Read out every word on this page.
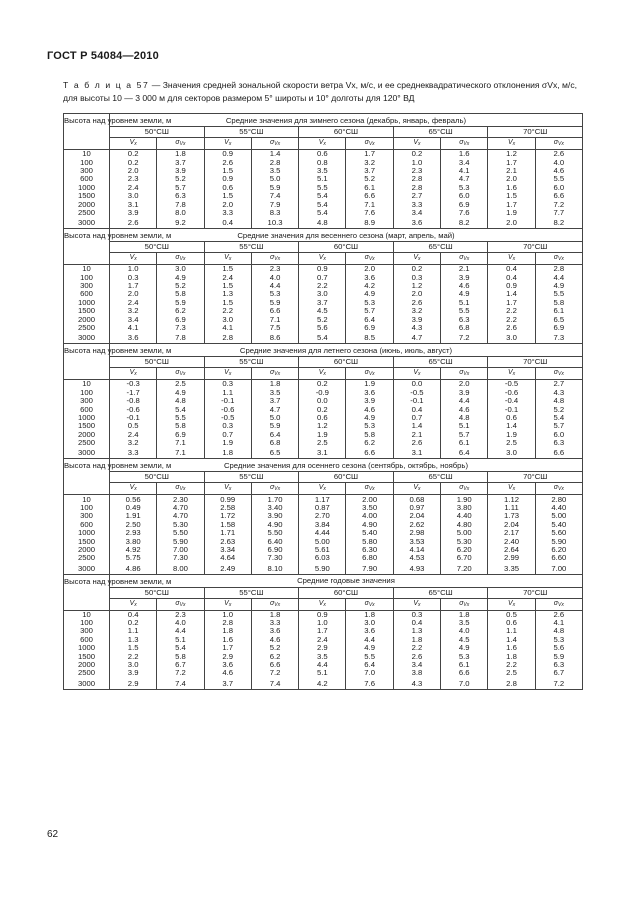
ГОСТ Р 54084—2010
Т а б л и ц а 57 — Значения средней зональной скорости ветра Vx, м/с, и ее среднеквадратического отклонения σVx, м/с, для высоты 10 — 3 000 м для секторов размером 5° широты и 10° долготы для 120° ВД
Высота над уровнем земли, м	Средние значения для зимнего сезона (декабрь, январь, февраль)									
	50°СШ		55°СШ		60°СШ		65°СШ		70°СШ	
	$V_x$	$\sigma_{Vx}$	$V_x$	$\sigma_{Vx}$	$V_x$	$\sigma_{Vx}$	$V_x$	$\sigma_{Vx}$	$V_x$	$\sigma_{Vx}$
10	0.2	1.8	0.9	1.4	0.6	1.7	0.2	1.6	1.2	2.6
100	0.2	3.7	2.6	2.8	0.8	3.2	1.0	3.4	1.7	4.0
300	2.0	3.9	1.5	3.5	3.5	3.7	2.3	4.1	2.1	4.6
600	2.3	5.2	0.9	5.0	5.1	5.2	2.8	4.7	2.0	5.5
1000	2.4	5.7	0.6	5.9	5.5	6.1	2.8	5.3	1.6	6.0
1500	3.0	6.3	1.5	7.4	5.4	6.6	2.7	6.0	1.5	6.6
2000	3.1	7.8	2.0	7.9	5.4	7.1	3.3	6.9	1.7	7.2
2500	3.9	8.0	3.3	8.3	5.4	7.6	3.4	7.6	1.9	7.7
3000	2.6	9.2	0.4	10.3	4.8	8.9	3.6	8.2	2.0	8.2
Высота над уровнем земли, м	Средние значения для весеннего сезона (март, апрель, май)									
	50°СШ		55°СШ		60°СШ		65°СШ		70°СШ	
	$V_x$	$\sigma_{Vx}$	$V_x$	$\sigma_{Vx}$	$V_x$	$\sigma_{Vx}$	$V_x$	$\sigma_{Vx}$	$V_x$	$\sigma_{Vx}$
10	1.0	3.0	1.5	2.3	0.9	2.0	0.2	2.1	0.4	2.8
100	0.3	4.9	2.4	4.0	0.7	3.6	0.3	3.9	0.4	4.4
300	1.7	5.2	1.5	4.4	2.2	4.2	1.2	4.6	0.9	4.9
600	2.0	5.8	1.3	5.3	3.0	4.9	2.0	4.9	1.4	5.5
1000	2.4	5.9	1.5	5.9	3.7	5.3	2.6	5.1	1.7	5.8
1500	3.2	6.2	2.2	6.6	4.5	5.7	3.2	5.5	2.2	6.1
2000	3.4	6.9	3.0	7.1	5.2	6.4	3.9	6.3	2.2	6.5
2500	4.1	7.3	4.1	7.5	5.6	6.9	4.3	6.8	2.6	6.9
3000	3.6	7.8	2.8	8.6	5.4	8.5	4.7	7.2	3.0	7.3
Высота над уровнем земли, м	Средние значения для летнего сезона (июнь, июль, август)									
	50°СШ		55°СШ		60°СШ		65°СШ		70°СШ	
	$V_x$	$\sigma_{Vx}$	$V_x$	$\sigma_{Vx}$	$V_x$	$\sigma_{Vx}$	$V_x$	$\sigma_{Vx}$	$V_x$	$\sigma_{Vx}$
10	-0.3	2.5	0.3	1.8	0.2	1.9	0.0	2.0	-0.5	2.7
100	-1.7	4.9	1.1	3.5	-0.9	3.6	-0.5	3.9	-0.6	4.3
300	-0.8	4.8	-0.1	3.7	0.0	3.9	-0.1	4.4	-0.4	4.8
600	-0.6	5.4	-0.6	4.7	0.2	4.6	0.4	4.6	-0.1	5.2
1000	-0.1	5.5	-0.5	5.0	0.6	4.9	0.7	4.8	0.6	5.4
1500	0.5	5.8	0.3	5.9	1.2	5.3	1.4	5.1	1.4	5.7
2000	2.4	6.9	0.7	6.4	1.9	5.8	2.1	5.7	1.9	6.0
2500	3.2	7.1	1.9	6.8	2.5	6.2	2.6	6.1	2.5	6.3
3000	3.3	7.1	1.8	6.5	3.1	6.6	3.1	6.4	3.0	6.6
Высота над уровнем земли, м	Средние значения для осеннего сезона (сентябрь, октябрь, ноябрь)									
	50°СШ		55°СШ		60°СШ		65°СШ		70°СШ	
	$V_x$	$\sigma_{Vx}$	$V_x$	$\sigma_{Vx}$	$V_x$	$\sigma_{Vx}$	$V_x$	$\sigma_{Vx}$	$V_x$	$\sigma_{Vx}$
10	0.56	2.30	0.99	1.70	1.17	2.00	0.68	1.90	1.12	2.80
100	0.49	4.70	2.58	3.40	0.87	3.50	0.97	3.80	1.11	4.40
300	1.91	4.70	1.72	3.90	2.70	4.00	2.04	4.40	1.73	5.00
600	2.50	5.30	1.58	4.90	3.84	4.90	2.62	4.80	2.04	5.40
1000	2.93	5.50	1.71	5.50	4.44	5.40	2.98	5.00	2.17	5.60
1500	3.80	5.90	2.63	6.40	5.00	5.80	3.53	5.30	2.40	5.90
2000	4.92	7.00	3.34	6.90	5.61	6.30	4.14	6.20	2.64	6.20
2500	5.75	7.30	4.64	7.30	6.03	6.80	4.53	6.70	2.99	6.60
3000	4.86	8.00	2.49	8.10	5.90	7.90	4.93	7.20	3.35	7.00
Высота над уровнем земли, м	Средние годовые значения									
	50°СШ		55°СШ		60°СШ		65°СШ		70°СШ	
	$V_x$	$\sigma_{Vx}$	$V_x$	$\sigma_{Vx}$	$V_x$	$\sigma_{Vx}$	$V_x$	$\sigma_{Vx}$	$V_x$	$\sigma_{Vx}$
10	0.4	2.3	1.0	1.8	0.9	1.8	0.3	1.8	0.5	2.6
100	0.2	4.0	2.8	3.3	1.0	3.0	0.4	3.5	0.6	4.1
300	1.1	4.4	1.8	3.6	1.7	3.6	1.3	4.0	1.1	4.8
600	1.3	5.1	1.6	4.6	2.4	4.4	1.8	4.5	1.4	5.3
1000	1.5	5.4	1.7	5.2	2.9	4.9	2.2	4.9	1.6	5.6
1500	2.2	5.8	2.9	6.2	3.5	5.5	2.6	5.3	1.8	5.9
2000	3.0	6.7	3.6	6.6	4.4	6.4	3.4	6.1	2.2	6.3
2500	3.9	7.2	4.6	7.2	5.1	7.0	3.8	6.6	2.5	6.7
3000	2.9	7.4	3.7	7.4	4.2	7.6	4.3	7.0	2.8	7.2
62
